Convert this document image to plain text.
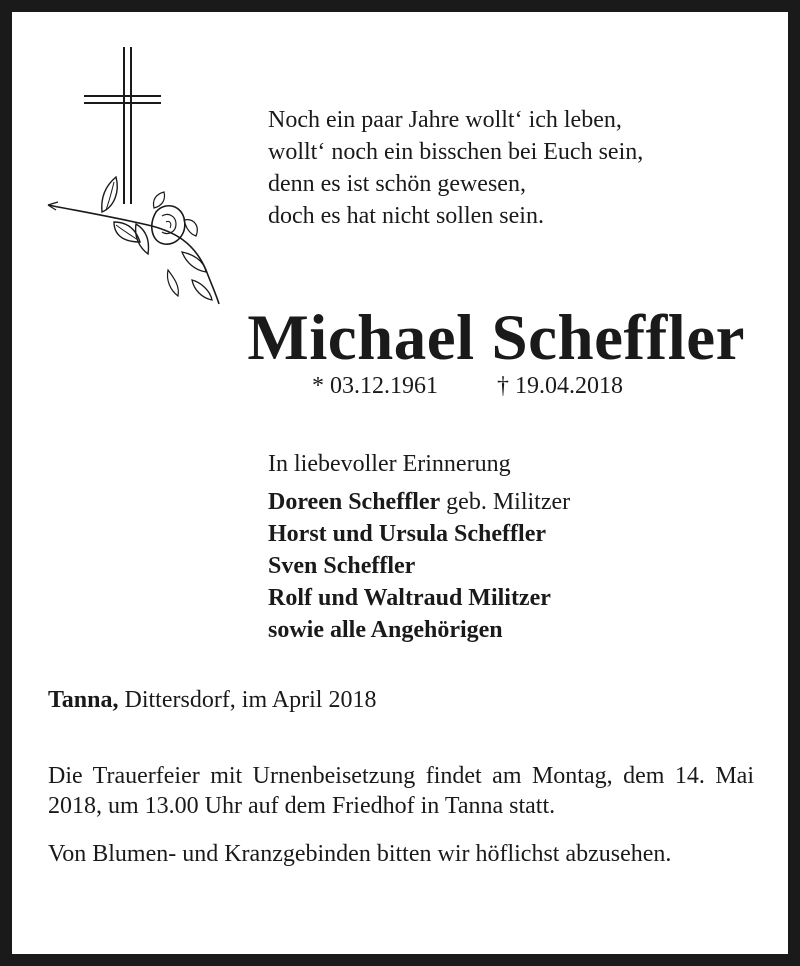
Noch ein paar Jahre wollt‘ ich leben,
wollt‘ noch ein bisschen bei Euch sein,
denn es ist schön gewesen,
doch es hat nicht sollen sein.
Michael Scheffler
* 03.12.1961 † 19.04.2018
In liebevoller Erinnerung
Doreen Scheffler geb. Militzer
Horst und Ursula Scheffler
Sven Scheffler
Rolf und Waltraud Militzer
sowie alle Angehörigen
Tanna, Dittersdorf, im April 2018
Die Trauerfeier mit Urnenbeisetzung findet am Montag, dem 14. Mai 2018, um 13.00 Uhr auf dem Friedhof in Tanna statt.
Von Blumen- und Kranzgebinden bitten wir höflichst abzusehen.
